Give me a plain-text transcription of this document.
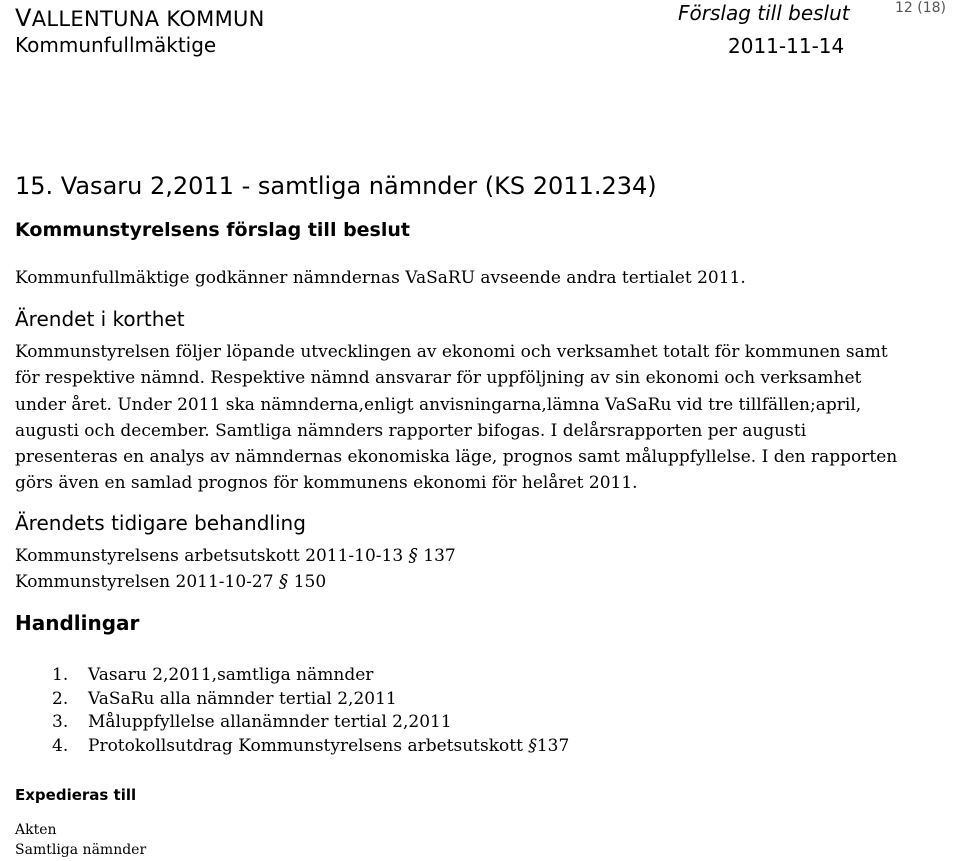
VALLENTUNA KOMMUN
Kommunfullmäktige
Förslag till beslut	12 (18)
2011-11-14
15. Vasaru 2,2011 - samtliga nämnder (KS 2011.234)
Kommunstyrelsens förslag till beslut
Kommunfullmäktige godkänner nämndernas VaSaRU avseende andra tertialet 2011.
Ärendet i korthet
Kommunstyrelsen följer löpande utvecklingen av ekonomi och verksamhet totalt för kommunen samt
för respektive nämnd. Respektive nämnd ansvarar för uppföljning av sin ekonomi och verksamhet
under året. Under 2011 ska nämnderna,enligt anvisningarna,lämna VaSaRu vid tre tillfällen;april,
augusti och december. Samtliga nämnders rapporter bifogas. I delårsrapporten per augusti
presenteras en analys av nämndernas ekonomiska läge, prognos samt måluppfyllelse. I den rapporten
görs även en samlad prognos för kommunens ekonomi för helåret 2011.
Ärendets tidigare behandling
Kommunstyrelsens arbetsutskott 2011-10-13 § 137
Kommunstyrelsen 2011-10-27 § 150
Handlingar
1. Vasaru 2,2011,samtliga nämnder
2. VaSaRu alla nämnder tertial 2,2011
3. Måluppfyllelse allanämnder tertial 2,2011
4. Protokollsutdrag Kommunstyrelsens arbetsutskott §137
Expedieras till
Akten
Samtliga nämnder
